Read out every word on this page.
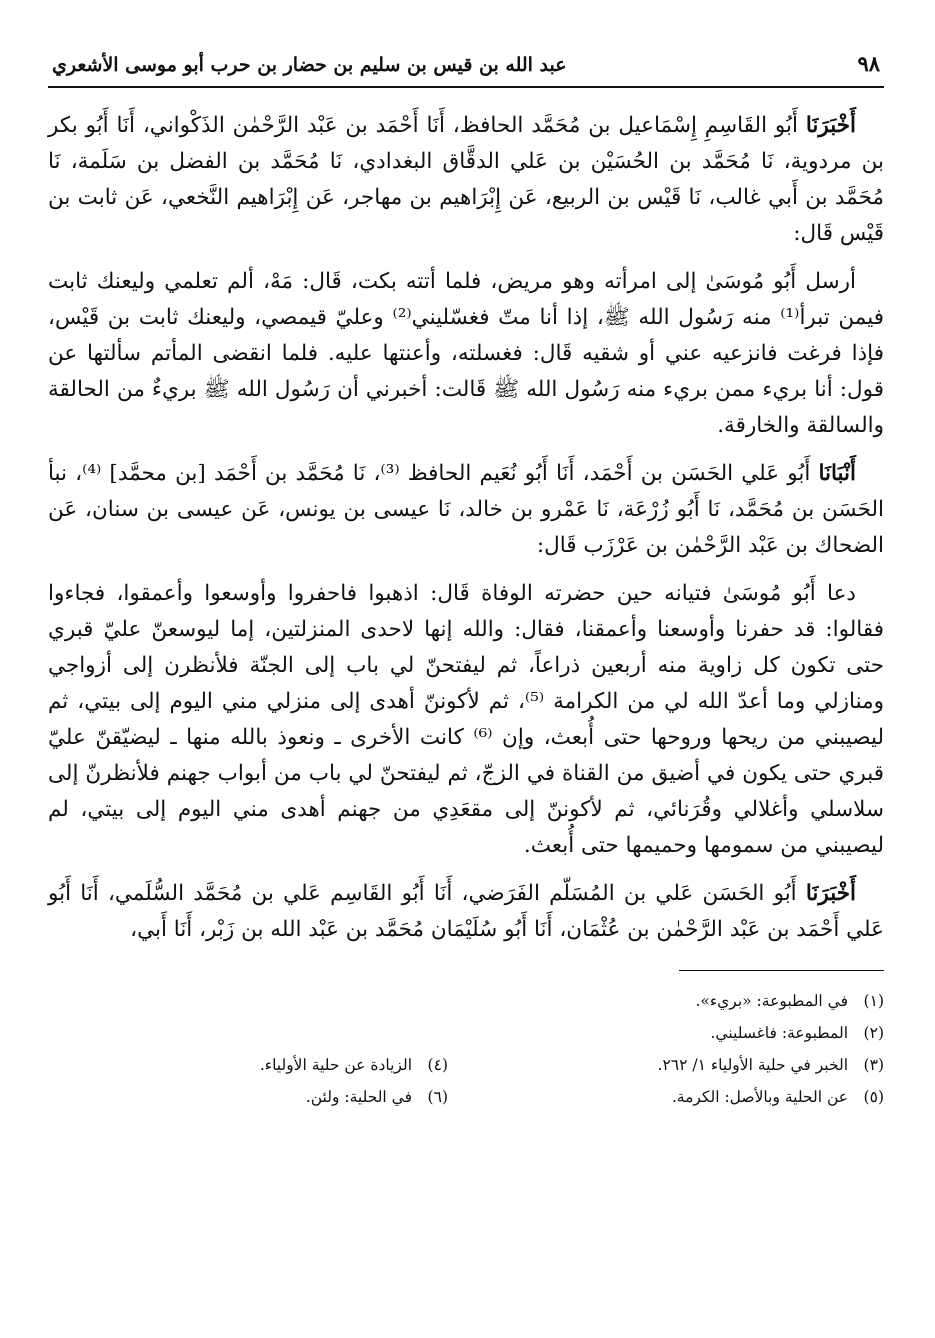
٩٨
عبد الله بن قيس بن سليم بن حضار بن حرب أبو موسى الأشعري

أَخْبَرَنَا أَبُو القَاسِمِ إِسْمَاعيل بن مُحَمَّد الحافظ، أَنَا أَحْمَد بن عَبْد الرَّحْمٰن الذَكْواني، أَنَا أَبُو بكر بن مردوية، نَا مُحَمَّد بن الحُسَيْن بن عَلي الدقَّاق البغدادي، نَا مُحَمَّد بن الفضل بن سَلَمة، نَا مُحَمَّد بن أَبي غالب، نَا قَيْس بن الربيع، عَن إِبْرَاهيم بن مهاجر، عَن إِبْرَاهيم النَّخعي، عَن ثابت بن قَيْس قَال:

أرسل أَبُو مُوسَىٰ إلى امرأته وهو مريض، فلما أتته بكت، قَال: مَهْ، ألم تعلمي وليعنك ثابت فيمن تبرأ⁽¹⁾ منه رَسُول الله ﷺ، إذا أنا متّ فغسّليني⁽²⁾ وعليّ قيمصي، وليعنك ثابت بن قَيْس، فإذا فرغت فانزعيه عني أو شقيه قَال: فغسلته، وأعنتها عليه. فلما انقضى المأتم سألتها عن قول: أنا بريء ممن بريء منه رَسُول الله ﷺ قَالت: أخبرني أن رَسُول الله ﷺ بريءٌ من الحالقة والسالقة والخارقة.

أَنْبَانَا أَبُو عَلي الحَسَن بن أَحْمَد، أَنَا أَبُو نُعَيم الحافظ ⁽³⁾، نَا مُحَمَّد بن أَحْمَد [بن محمَّد] ⁽⁴⁾، نبأ الحَسَن بن مُحَمَّد، نَا أَبُو زُرْعَة، نَا عَمْرو بن خالد، نَا عيسى بن يونس، عَن عيسى بن سنان، عَن الضحاك بن عَبْد الرَّحْمٰن بن عَرْزَب قَال:

دعا أَبُو مُوسَىٰ فتيانه حين حضرته الوفاة قَال: اذهبوا فاحفروا وأوسعوا وأعمقوا، فجاءوا فقالوا: قد حفرنا وأوسعنا وأعمقنا، فقال: والله إنها لاحدى المنزلتين، إما ليوسعنّ عليّ قبري حتى تكون كل زاوية منه أربعين ذراعاً، ثم ليفتحنّ لي باب إلى الجنّة فلأنظرن إلى أزواجي ومنازلي وما أعدّ الله لي من الكرامة ⁽⁵⁾، ثم لأكوننّ أهدى إلى منزلي مني اليوم إلى بيتي، ثم ليصيبني من ريحها وروحها حتى أُبعث، وإن ⁽⁶⁾ كانت الأخرى ـ ونعوذ بالله منها ـ ليضيّقنّ عليّ قبري حتى يكون في أضيق من القناة في الزجّ، ثم ليفتحنّ لي باب من أبواب جهنم فلأنظرنّ إلى سلاسلي وأغلالي وقُرَنائي، ثم لأكوننّ إلى مقعَدِي من جهنم أهدى مني اليوم إلى بيتي، لم ليصيبني من سمومها وحميمها حتى أُبعث.

أَخْبَرَنَا أَبُو الحَسَن عَلي بن المُسَلّم الفَرَضي، أَنَا أَبُو القَاسِم عَلي بن مُحَمَّد السُّلَمي، أَنَا أَبُو عَلي أَحْمَد بن عَبْد الرَّحْمٰن بن عُثْمَان، أَنَا أَبُو سُلَيْمَان مُحَمَّد بن عَبْد الله بن زَبْر، أَنَا أَبي،

(١)في المطبوعة: «بريء».
(٢)المطبوعة: فاغسليني.
(٣)الخبر في حلية الأولياء ١/ ٢٦٢.
(٤)الزيادة عن حلية الأولياء.
(٥)عن الحلية وبالأصل: الكرمة.
(٦)في الحلية: ولئن.
